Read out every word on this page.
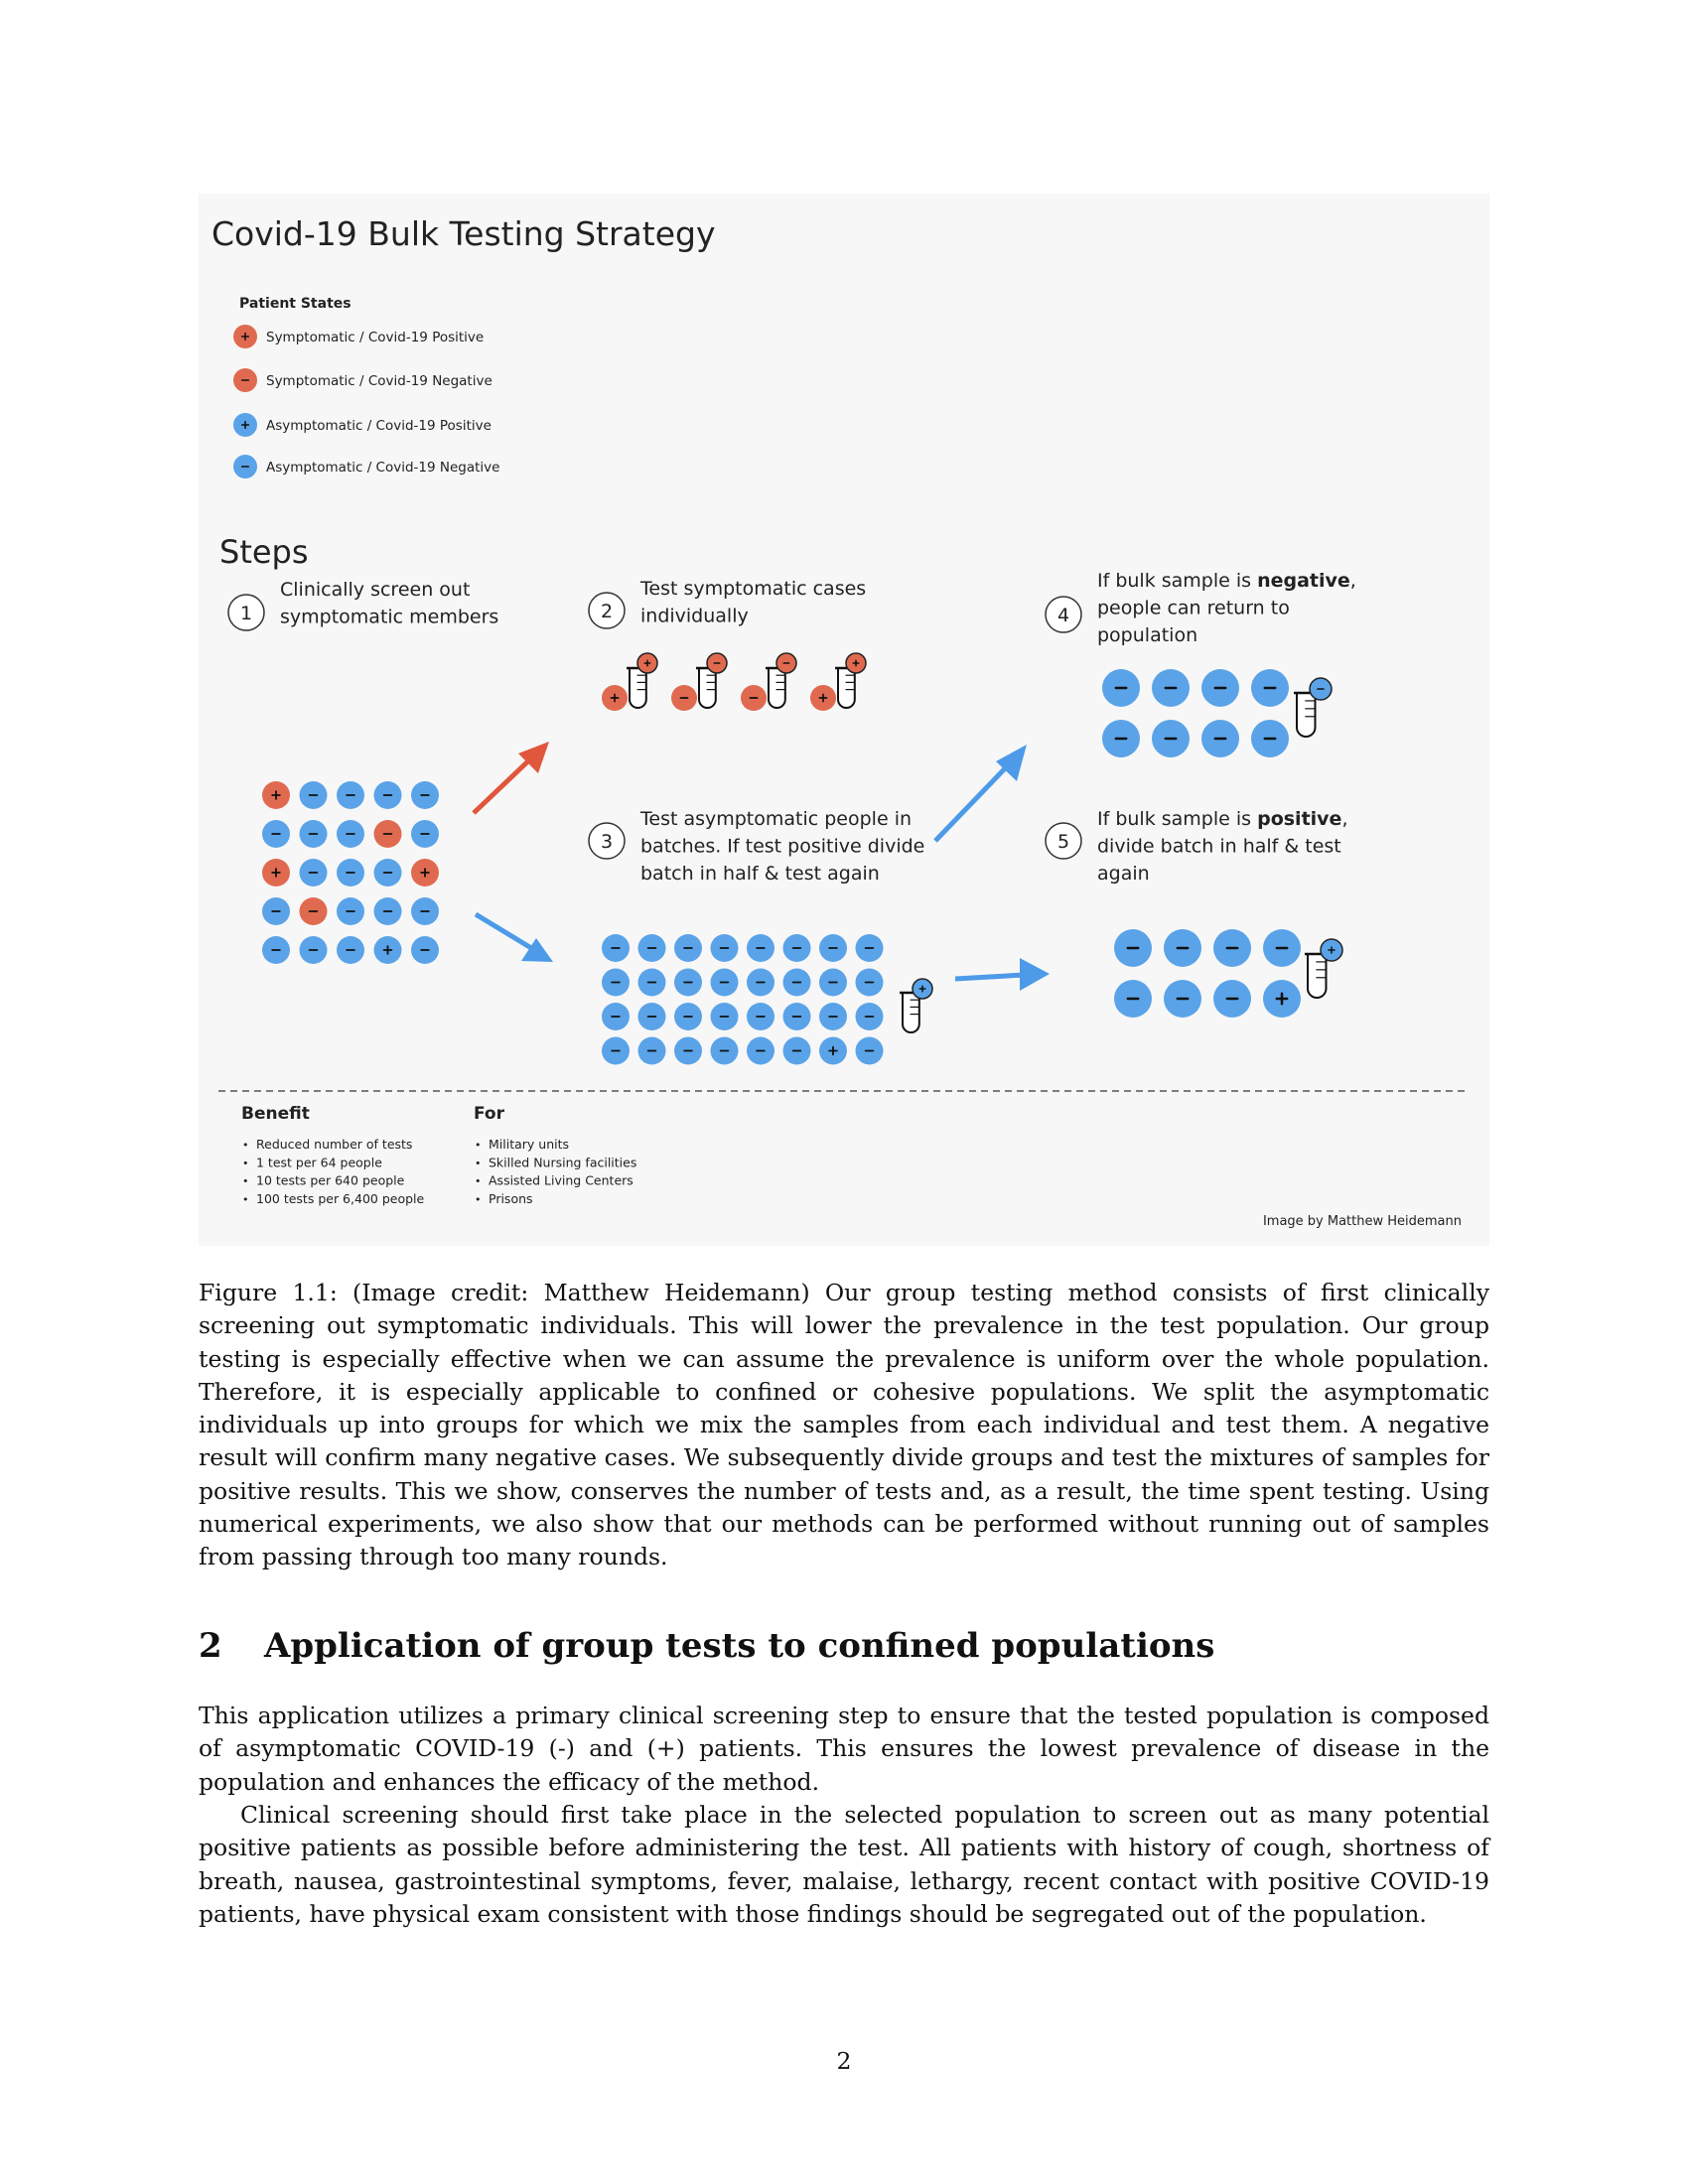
Covid-19 Bulk Testing Strategy
Patient States
Symptomatic / Covid-19 Positive
Symptomatic / Covid-19 Negative
Asymptomatic / Covid-19 Positive
Asymptomatic / Covid-19 Negative
Steps
1
Clinically screen out
symptomatic members	2
Test symptomatic cases
individually
3
Test asymptomatic people in
batches. If test positive divide
batch in half & test again
4
If bulk sample is negative,
people can return to
population
5
If bulk sample is positive,
divide batch in half & test
again
Benefit
• Reduced number of tests
• 1 test per 64 people
• 10 tests per 640 people
• 100 tests per 6,400 people
For
• Military units
• Skilled Nursing facilities
• Assisted Living Centers
• Prisons
Image by Matthew Heidemann
Figure 1.1: (Image credit: Matthew Heidemann) Our group testing method consists of first clinically screening out symptomatic individuals. This will lower the prevalence in the test population. Our group testing is especially effective when we can assume the prevalence is uniform over the whole population. Therefore, it is especially applicable to confined or cohesive populations. We split the asymptomatic individuals up into groups for which we mix the samples from each individual and test them. A negative result will confirm many negative cases. We subsequently divide groups and test the mixtures of samples for positive results. This we show, conserves the number of tests and, as a result, the time spent testing. Using numerical experiments, we also show that our methods can be performed without running out of samples from passing through too many rounds.
2 Application of group tests to confined populations

This application utilizes a primary clinical screening step to ensure that the tested population is composed of asymptomatic COVID-19 (-) and (+) patients. This ensures the lowest prevalence of disease in the population and enhances the efficacy of the method.

Clinical screening should first take place in the selected population to screen out as many potential positive patients as possible before administering the test. All patients with history of cough, shortness of breath, nausea, gastrointestinal symptoms, fever, malaise, lethargy, recent contact with positive COVID-19 patients, have physical exam consistent with those findings should be segregated out of the population.

2
